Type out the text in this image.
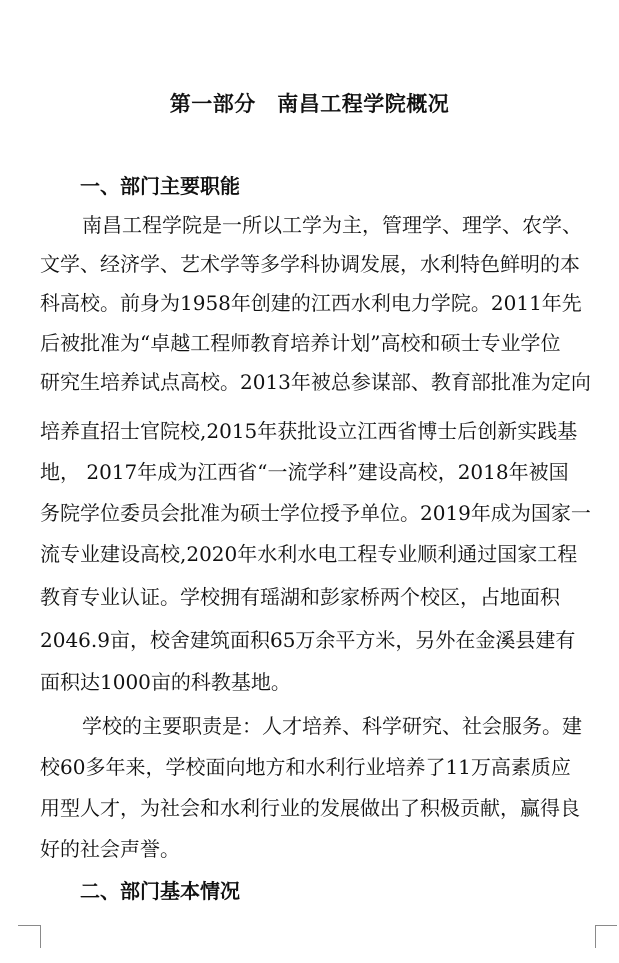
第一部分　南昌工程学院概况
一、部门主要职能
南昌工程学院是一所以工学为主，管理学、理学、农学、
文学、经济学、艺术学等多学科协调发展，水利特色鲜明的本
科高校。前身为1958年创建的江西水利电力学院。2011年先
后被批准为“卓越工程师教育培养计划”高校和硕士专业学位
研究生培养试点高校。2013年被总参谋部、教育部批准为定向
培养直招士官院校,2015年获批设立江西省博士后创新实践基
地， 2017年成为江西省“一流学科”建设高校，2018年被国
务院学位委员会批准为硕士学位授予单位。2019年成为国家一
流专业建设高校,2020年水利水电工程专业顺利通过国家工程
教育专业认证。学校拥有瑶湖和彭家桥两个校区，占地面积
2046.9亩，校舍建筑面积65万余平方米，另外在金溪县建有
面积达1000亩的科教基地。
学校的主要职责是：人才培养、科学研究、社会服务。建
校60多年来，学校面向地方和水利行业培养了11万高素质应
用型人才，为社会和水利行业的发展做出了积极贡献，赢得良
好的社会声誉。
二、部门基本情况
